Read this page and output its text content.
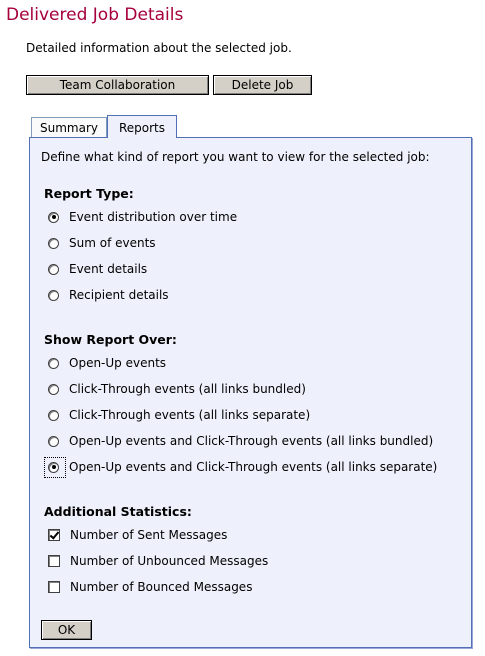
Delivered Job Details
Detailed information about the selected job.
Team Collaboration	Delete Job
Summary	Reports
Define what kind of report you want to view for the selected job:
Report Type:
Event distribution over time
Sum of events
Event details
Recipient details
Show Report Over:
Open-Up events
Click-Through events (all links bundled)
Click-Through events (all links separate)
Open-Up events and Click-Through events (all links bundled)
Open-Up events and Click-Through events (all links separate)
Additional Statistics:
Number of Sent Messages
Number of Unbounced Messages
Number of Bounced Messages
OK
